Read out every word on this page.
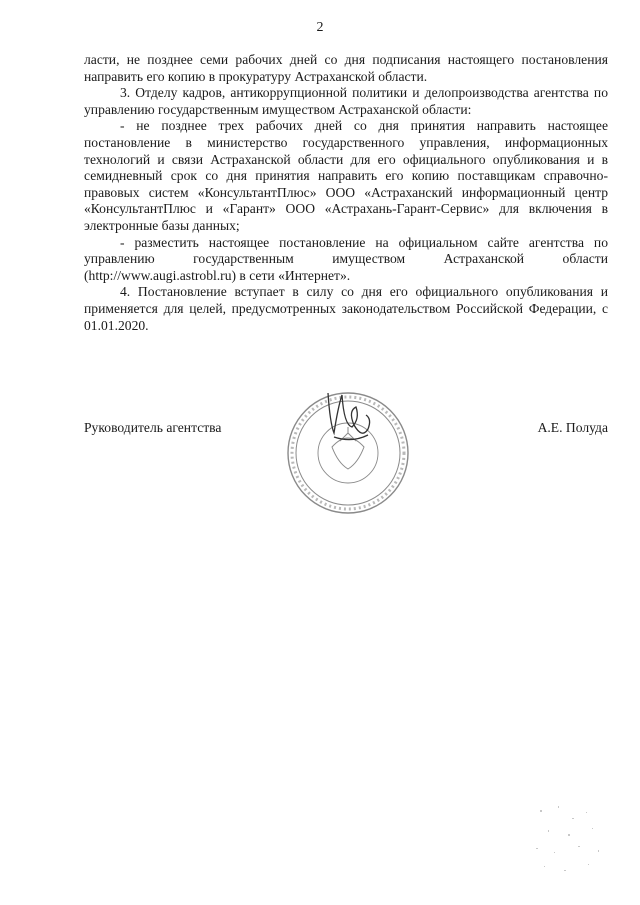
2

ласти, не позднее семи рабочих дней со дня подписания настоящего постановления направить его копию в прокуратуру Астраханской области.

3. Отделу кадров, антикоррупционной политики и делопроизводства агентства по управлению государственным имуществом Астраханской области:

- не позднее трех рабочих дней со дня принятия направить настоящее постановление в министерство государственного управления, информационных технологий и связи Астраханской области для его официального опубликования и в семидневный срок со дня принятия направить его копию поставщикам справочно-правовых систем «КонсультантПлюс» ООО «Астраханский информационный центр «КонсультантПлюс и «Гарант» ООО «Астрахань-Гарант-Сервис» для включения в электронные базы данных;

- разместить настоящее постановление на официальном сайте агентства по управлению государственным имуществом Астраханской области (http://www.augi.astrobl.ru) в сети «Интернет».

4. Постановление вступает в силу со дня его официального опубликования и применяется для целей, предусмотренных законодательством Российской Федерации, с 01.01.2020.

Руководитель агентства	А.Е. Полуда
